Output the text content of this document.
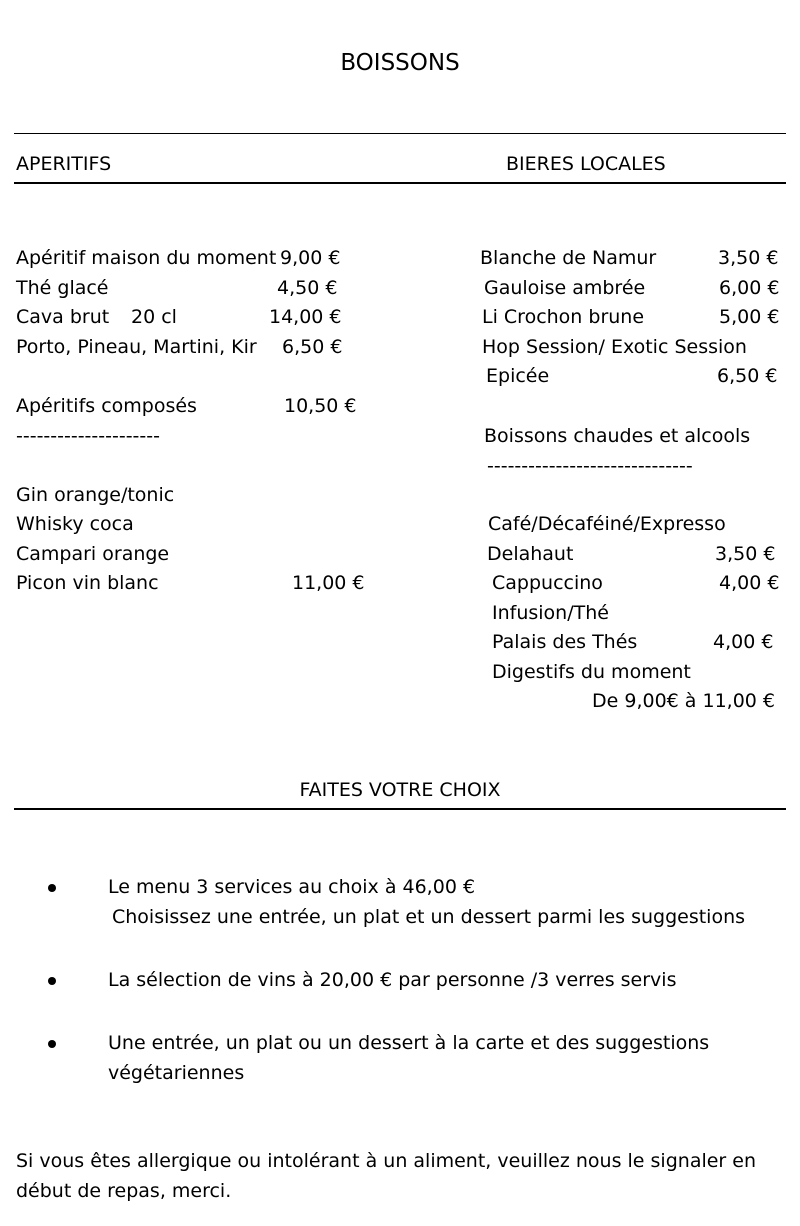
BOISSONS
APERITIFS	BIERES LOCALES
Apéritif maison du moment 9,00 €
Thé glacé	4,50 €
Cava brut 20 cl	14,00 €
Porto, Pineau, Martini, Kir 6,50 €
Apéritifs composés	10,50 €
---------------------
Gin orange/tonic
Whisky coca
Campari orange
Picon vin blanc	11,00 €
Blanche de Namur	3,50 €
Gauloise ambrée	6,00 €
Li Crochon brune	5,00 €
Hop Session/ Exotic Session
Epicée	6,50 €
Boissons chaudes et alcools
------------------------------
Café/Décaféiné/Expresso
Delahaut	3,50 €
Cappuccino	4,00 €
Infusion/Thé
Palais des Thés	4,00 €
Digestifs du moment
De 9,00€ à 11,00 €
FAITES VOTRE CHOIX
Le menu 3 services au choix à 46,00 €
Choisissez une entrée, un plat et un dessert parmi les suggestions
La sélection de vins à 20,00 € par personne /3 verres servis
Une entrée, un plat ou un dessert à la carte et des suggestions
végétariennes
Si vous êtes allergique ou intolérant à un aliment, veuillez nous le signaler en
début de repas, merci.
